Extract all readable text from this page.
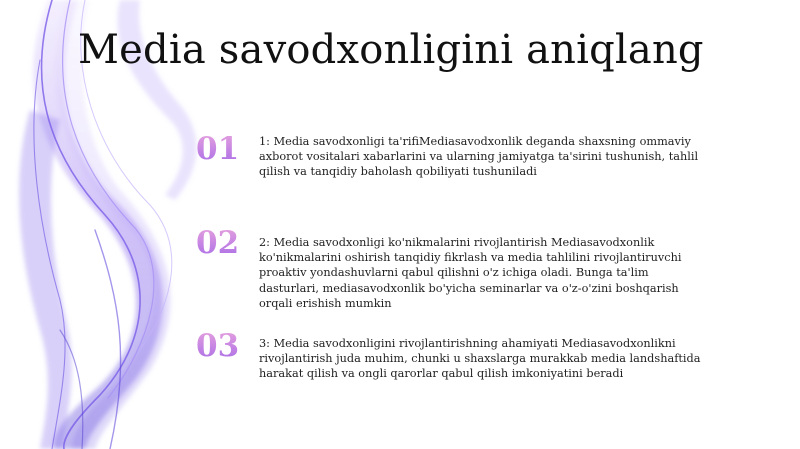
Media savodxonligini aniqlang
01	1: Media savodxonligi ta'rifiMediasavodxonlik deganda shaxsning ommaviy axborot vositalari xabarlarini va ularning jamiyatga ta'sirini tushunish, tahlil qilish va tanqidiy baholash qobiliyati tushuniladi

02	2: Media savodxonligi ko'nikmalarini rivojlantirish Mediasavodxonlik ko'nikmalarini oshirish tanqidiy fikrlash va media tahlilini rivojlantiruvchi proaktiv yondashuvlarni qabul qilishni o'z ichiga oladi. Bunga ta'lim dasturlari, mediasavodxonlik bo'yicha seminarlar va o'z-o'zini boshqarish orqali erishish mumkin

03	3: Media savodxonligini rivojlantirishning ahamiyati Mediasavodxonlikni rivojlantirish juda muhim, chunki u shaxslarga murakkab media landshaftida harakat qilish va ongli qarorlar qabul qilish imkoniyatini beradi
